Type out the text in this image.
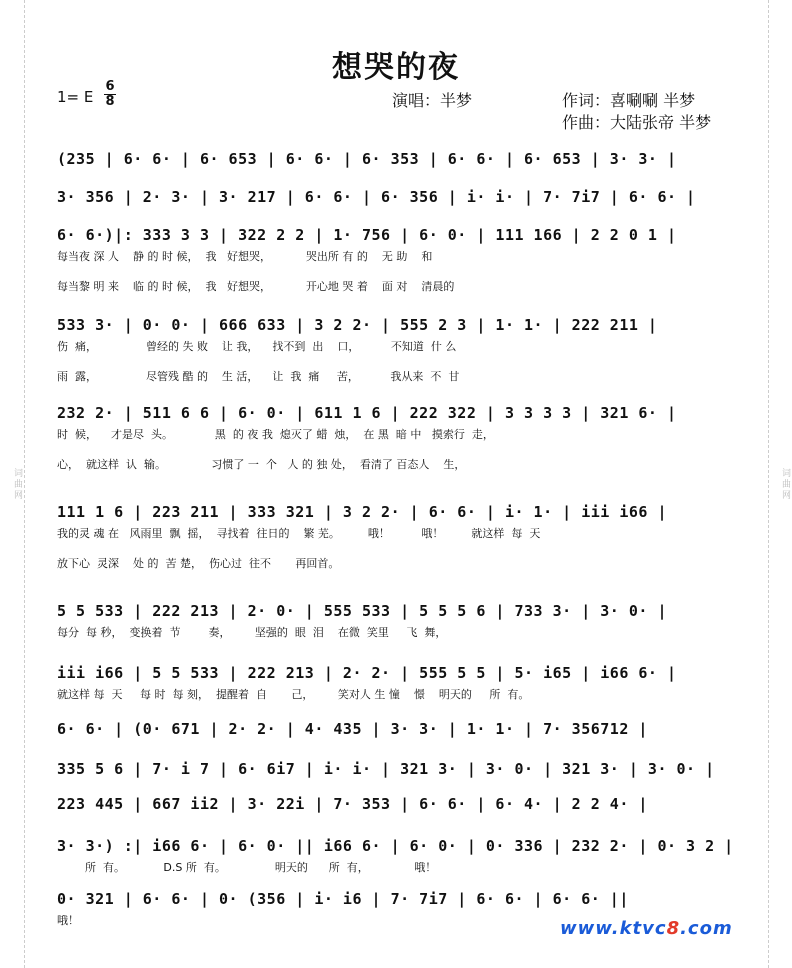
词曲网	词曲网
想哭的夜
1= E
6
8	演唱：半梦	作词：喜唰唰 半梦
作曲：大陆张帝 半梦
(235 | 6· 6· | 6· 653 | 6· 6· | 6· 353 | 6· 6· | 6· 653 | 3· 3· |
3· 356 | 2· 3· | 3· 217 | 6· 6· | 6· 356 | i· i· | 7· 7i7 | 6· 6· |
6· 6·)|: 333 3 3 | 322 2 2 | 1· 756 | 6· 0· | 111 166 | 2 2 0 1 |
533 3· | 0· 0· | 666 633 | 3 2 2· | 555 2 3 | 1· 1· | 222 211 |
232 2· | 511 6 6 | 6· 0· | 611 1 6 | 222 322 | 3 3 3 3 | 321 6· |
111 1 6 | 223 211 | 333 321 | 3 2 2· | 6· 6· | i· 1· | iii i66 |
5 5 533 | 222 213 | 2· 0· | 555 533 | 5 5 5 6 | 733 3· | 3· 0· |
iii i66 | 5 5 533 | 222 213 | 2· 2· | 555 5 5 | 5· i65 | i66 6· |
6· 6· | (0· 671 | 2· 2· | 4· 435 | 3· 3· | 1· 1· | 7· 356712 |
335 5 6 | 7· i 7 | 6· 6i7 | i· i· | 321 3· | 3· 0· | 321 3· | 3· 0· |
223 445 | 667 ii2 | 3· 22i | 7· 353 | 6· 6· | 6· 4· | 2 2 4· |
3· 3·) :| i66 6· | 6· 0· || i66 6· | 6· 0· | 0· 336 | 232 2· | 0· 3 2 |
0· 321 | 6· 6· | 0· (356 | i· i6 | 7· 7i7 | 6· 6· | 6· 6· ||
每当夜 深 人    静 的 时 候，  我   好想哭，          哭出所 有 的    无 助    和
每当黎 明 来    临 的 时 候，  我   好想哭，          开心地 哭 着    面 对    清晨的
伤  痛，              曾经的 失 败    让 我，    找不到  出    口，         不知道  什 么
雨  露，              尽管残 酷 的    生 活，    让  我  痛     苦，         我从来  不  甘
时  候，    才是尽  头。            黑  的 夜 我  熄灭了 蜡  烛，  在 黑  暗 中   摸索行  走，
心，  就这样  认  输。             习惯了 一  个   人 的 独 处，  看清了 百态人    生，
我的灵 魂 在   风雨里  飘  摇，  寻找着  往日的    繁 芜。        哦！         哦！        就这样  每  天
放下心  灵深    处 的  苦 楚，  伤心过  往不       再回首。
每分  每 秒，  变换着  节        奏，       坚强的  眼  泪    在微  笑里     飞  舞，
就这样 每  天     每 时  每 刻，  提醒着  自       己，       笑对人 生 憧    憬    明天的     所  有。
所  有。           D.S 所  有。              明天的      所  有，             哦！
哦！	www.ktvc8.com
